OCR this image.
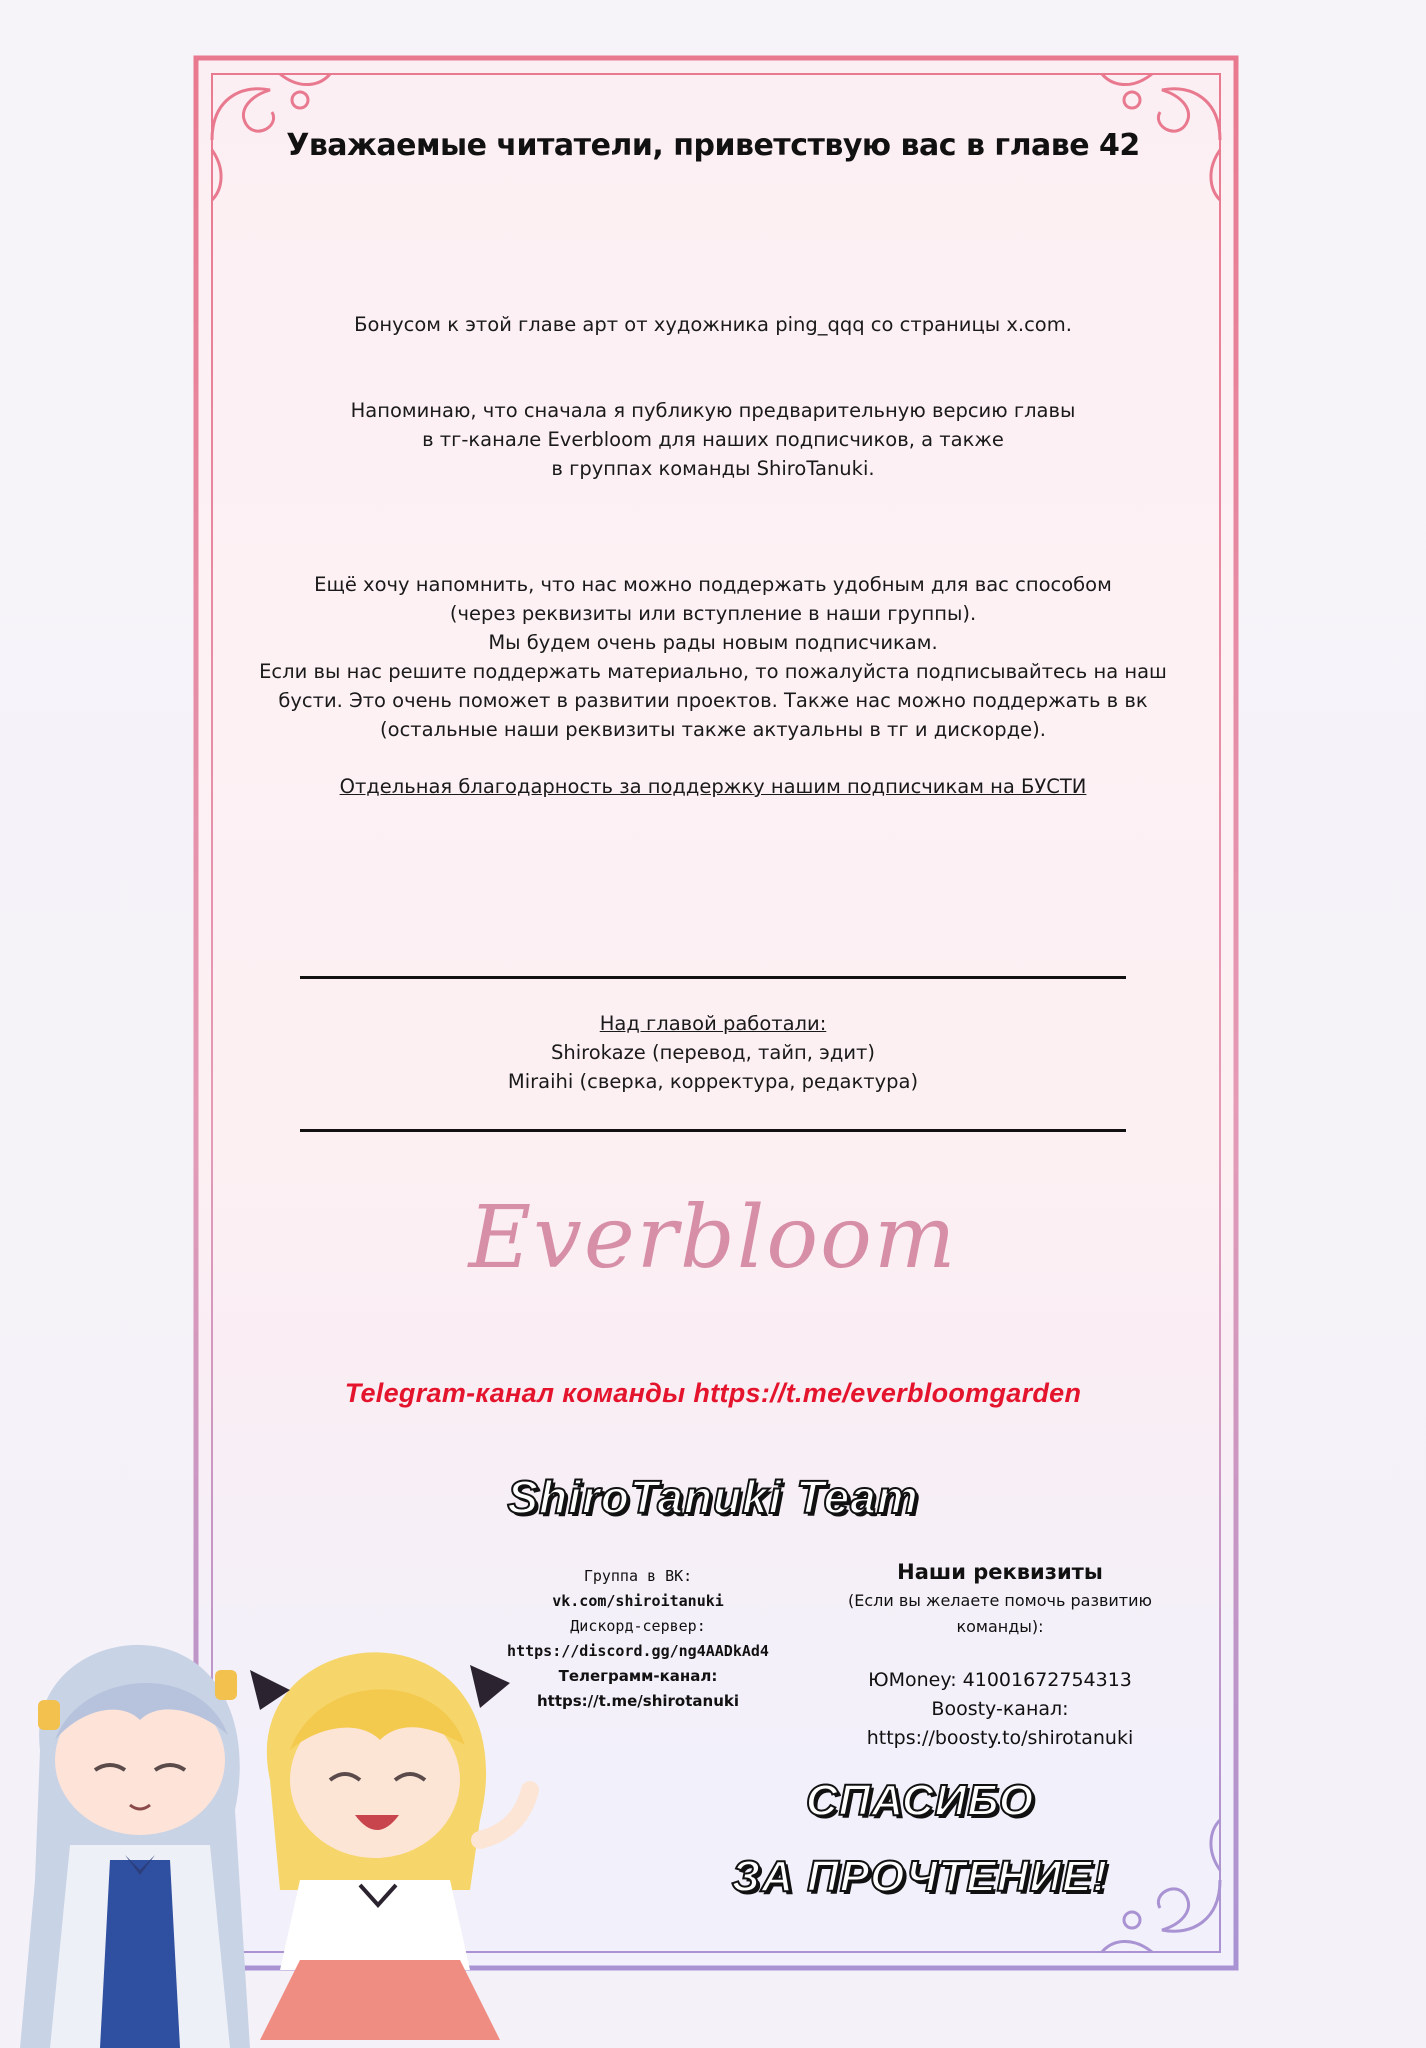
Уважаемые читатели, приветствую вас в главе 42
Бонусом к этой главе арт от художника ping_qqq со страницы x.com.
Напоминаю, что сначала я публикую предварительную версию главы
в тг-канале Everbloom для наших подписчиков, а также
в группах команды ShiroTanuki.
Ещё хочу напомнить, что нас можно поддержать удобным для вас способом
(через реквизиты или вступление в наши группы).
Мы будем очень рады новым подписчикам.
Если вы нас решите поддержать материально, то пожалуйста подписывайтесь на наш
бусти. Это очень поможет в развитии проектов. Также нас можно поддержать в вк
(остальные наши реквизиты также актуальны в тг и дискорде).
Отдельная благодарность за поддержку нашим подписчикам на БУСТИ
Над главой работали:
Shirokaze (перевод, тайп, эдит)
Miraihi (сверка, корректура, редактура)
Everbloom
Telegram-канал команды https://t.me/everbloomgarden
ShiroTanuki Team
Группа в ВК:
vk.com/shiroitanuki
Дискорд-сервер:
https://discord.gg/ng4AADkAd4
Телеграмм-канал:
https://t.me/shirotanuki
Наши реквизиты
(Если вы желаете помочь развитию команды):

ЮMoney: 41001672754313
Boosty-канал:
https://boosty.to/shirotanuki
СПАСИБО
ЗА ПРОЧТЕНИЕ!
